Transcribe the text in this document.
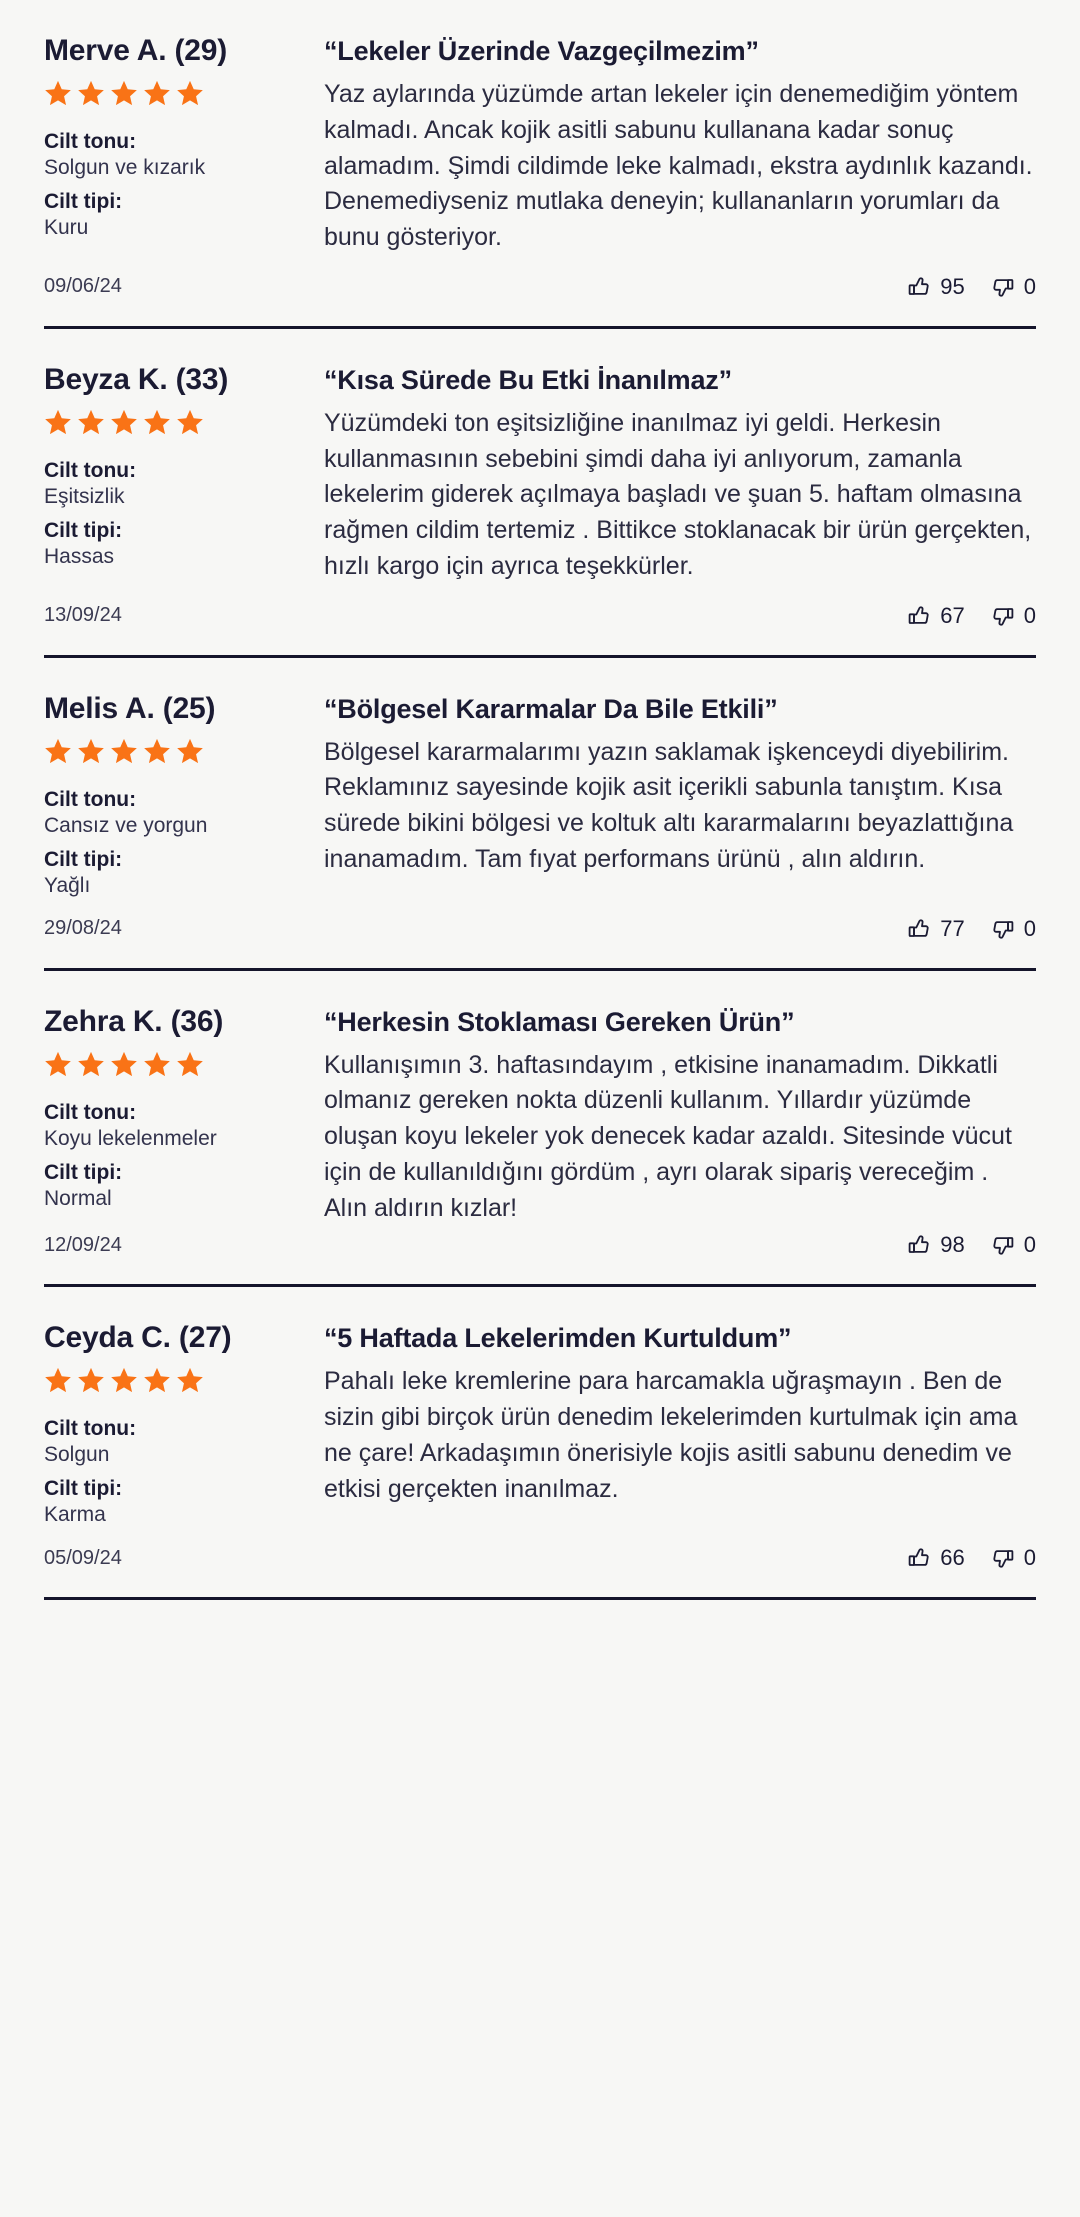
Merve A. (29)
Cilt tonu:
Solgun ve kızarık
Cilt tipi:
Kuru
“Lekeler Üzerinde Vazgeçilmezim”
Yaz aylarında yüzümde artan lekeler için denemediğim yöntem kalmadı. Ancak kojik asitli sabunu kullanana kadar sonuç alamadım. Şimdi cildimde leke kalmadı, ekstra aydınlık kazandı. Denemediyseniz mutlaka deneyin; kullananların yorumları da bunu gösteriyor.
09/06/24	95	0
Beyza K. (33)
Cilt tonu:
Eşitsizlik
Cilt tipi:
Hassas
“Kısa Sürede Bu Etki İnanılmaz”
Yüzümdeki ton eşitsizliğine inanılmaz iyi geldi. Herkesin kullanmasının sebebini şimdi daha iyi anlıyorum, zamanla lekelerim giderek açılmaya başladı ve şuan 5. haftam olmasına rağmen cildim tertemiz . Bittikce stoklanacak bir ürün gerçekten, hızlı kargo için ayrıca teşekkürler.
13/09/24	67	0
Melis A. (25)
Cilt tonu:
Cansız ve yorgun
Cilt tipi:
Yağlı
“Bölgesel Kararmalar Da Bile Etkili”
Bölgesel kararmalarımı yazın saklamak işkenceydi diyebilirim. Reklamınız sayesinde kojik asit içerikli sabunla tanıştım. Kısa sürede bikini bölgesi ve koltuk altı kararmalarını beyazlattığına inanamadım. Tam fıyat performans ürünü , alın aldırın.
29/08/24	77	0
Zehra K. (36)
Cilt tonu:
Koyu lekelenmeler
Cilt tipi:
Normal
“Herkesin Stoklaması Gereken Ürün”
Kullanışımın 3. haftasındayım , etkisine inanamadım. Dikkatli olmanız gereken nokta düzenli kullanım. Yıllardır yüzümde oluşan koyu lekeler yok denecek kadar azaldı. Sitesinde vücut için de kullanıldığını gördüm , ayrı olarak sipariş vereceğim . Alın aldırın kızlar!
12/09/24	98	0
Ceyda C. (27)
Cilt tonu:
Solgun
Cilt tipi:
Karma
“5 Haftada Lekelerimden Kurtuldum”
Pahalı leke kremlerine para harcamakla uğraşmayın . Ben de sizin gibi birçok ürün denedim lekelerimden kurtulmak için ama ne çare! Arkadaşımın önerisiyle kojis asitli sabunu denedim ve etkisi gerçekten inanılmaz.
05/09/24	66	0
